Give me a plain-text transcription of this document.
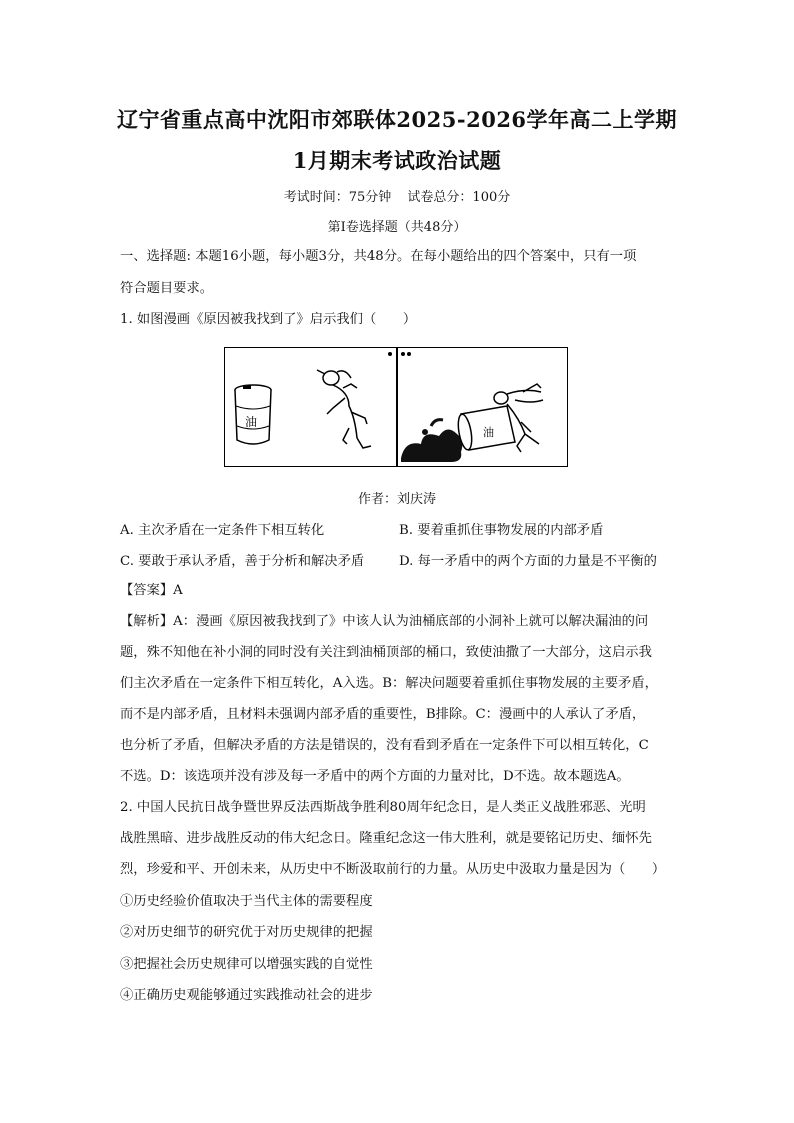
辽宁省重点高中沈阳市郊联体2025-2026学年高二上学期
1月期末考试政治试题
考试时间：75分钟 试卷总分：100分
第Ⅰ卷选择题（共48分）
一、选择题: 本题16小题，每小题3分，共48分。在每小题给出的四个答案中，只有一项
符合题目要求。
1. 如图漫画《原因被我找到了》启示我们（　　）
油
油
作者：刘庆涛
A. 主次矛盾在一定条件下相互转化	B. 要着重抓住事物发展的内部矛盾
C. 要敢于承认矛盾，善于分析和解决矛盾	D. 每一矛盾中的两个方面的力量是不平衡的
【答案】A
【解析】A：漫画《原因被我找到了》中该人认为油桶底部的小洞补上就可以解决漏油的问
题，殊不知他在补小洞的同时没有关注到油桶顶部的桶口，致使油撒了一大部分，这启示我
们主次矛盾在一定条件下相互转化，A入选。B：解决问题要着重抓住事物发展的主要矛盾，
而不是内部矛盾，且材料未强调内部矛盾的重要性，B排除。C：漫画中的人承认了矛盾，
也分析了矛盾，但解决矛盾的方法是错误的，没有看到矛盾在一定条件下可以相互转化，C
不选。D：该选项并没有涉及每一矛盾中的两个方面的力量对比，D不选。故本题选A。
2. 中国人民抗日战争暨世界反法西斯战争胜利80周年纪念日，是人类正义战胜邪恶、光明
战胜黑暗、进步战胜反动的伟大纪念日。隆重纪念这一伟大胜利，就是要铭记历史、缅怀先
烈，珍爱和平、开创未来，从历史中不断汲取前行的力量。从历史中汲取力量是因为（　　）
①历史经验价值取决于当代主体的需要程度
②对历史细节的研究优于对历史规律的把握
③把握社会历史规律可以增强实践的自觉性
④正确历史观能够通过实践推动社会的进步
